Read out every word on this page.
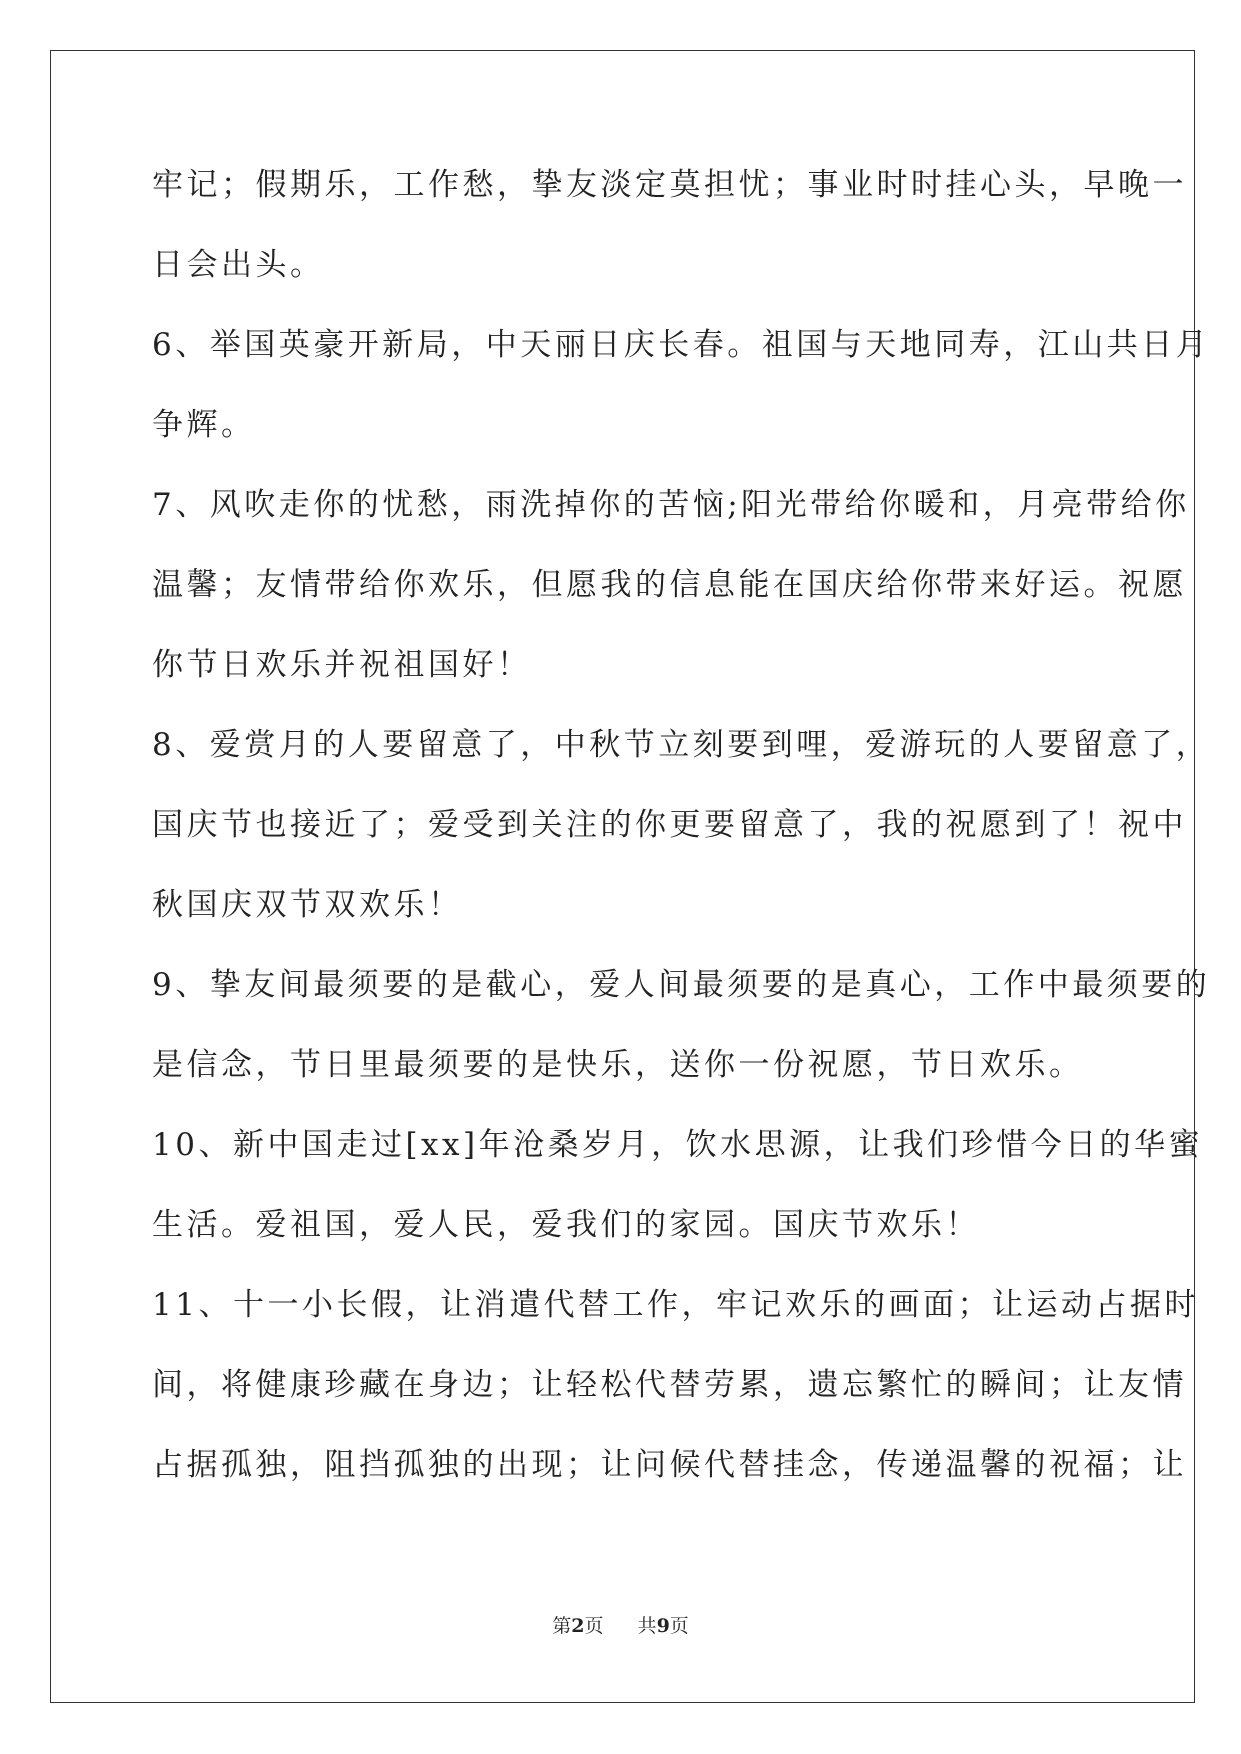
牢记；假期乐，工作愁，挚友淡定莫担忧；事业时时挂心头，早晚一

日会出头。

6、举国英豪开新局，中天丽日庆长春。祖国与天地同寿，江山共日月

争辉。

7、风吹走你的忧愁，雨洗掉你的苦恼;阳光带给你暖和，月亮带给你

温馨；友情带给你欢乐，但愿我的信息能在国庆给你带来好运。祝愿

你节日欢乐并祝祖国好！

8、爱赏月的人要留意了，中秋节立刻要到哩，爱游玩的人要留意了，

国庆节也接近了；爱受到关注的你更要留意了，我的祝愿到了！祝中

秋国庆双节双欢乐！

9、挚友间最须要的是截心，爱人间最须要的是真心，工作中最须要的

是信念，节日里最须要的是快乐，送你一份祝愿，节日欢乐。

10、新中国走过[xx]年沧桑岁月，饮水思源，让我们珍惜今日的华蜜

生活。爱祖国，爱人民，爱我们的家园。国庆节欢乐！

11、十一小长假，让消遣代替工作，牢记欢乐的画面；让运动占据时

间，将健康珍藏在身边；让轻松代替劳累，遗忘繁忙的瞬间；让友情

占据孤独，阻挡孤独的出现；让问候代替挂念，传递温馨的祝福；让

第2页 共9页
